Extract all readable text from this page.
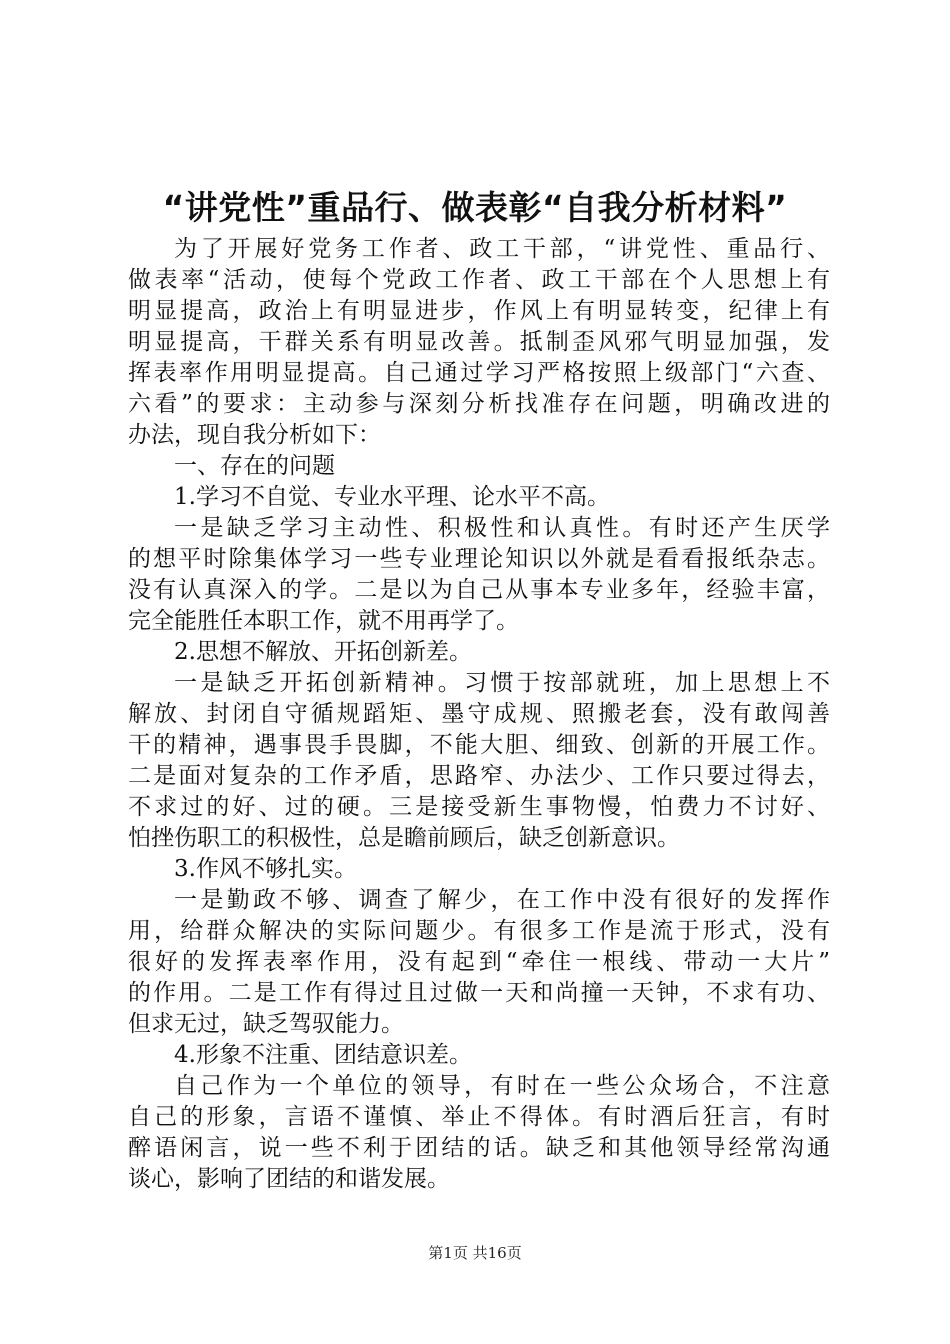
“讲党性”重品行、做表彰“自我分析材料”
为了开展好党务工作者、政工干部，“讲党性、重品行、
做表率“活动，使每个党政工作者、政工干部在个人思想上有
明显提高，政治上有明显进步，作风上有明显转变，纪律上有
明显提高，干群关系有明显改善。抵制歪风邪气明显加强，发
挥表率作用明显提高。自己通过学习严格按照上级部门“六查、
六看”的要求：主动参与深刻分析找准存在问题，明确改进的
办法，现自我分析如下：
一、存在的问题
1.学习不自觉、专业水平理、论水平不高。
一是缺乏学习主动性、积极性和认真性。有时还产生厌学
的想平时除集体学习一些专业理论知识以外就是看看报纸杂志。
没有认真深入的学。二是以为自己从事本专业多年，经验丰富，
完全能胜任本职工作，就不用再学了。
2.思想不解放、开拓创新差。
一是缺乏开拓创新精神。习惯于按部就班，加上思想上不
解放、封闭自守循规蹈矩、墨守成规、照搬老套，没有敢闯善
干的精神，遇事畏手畏脚，不能大胆、细致、创新的开展工作。
二是面对复杂的工作矛盾，思路窄、办法少、工作只要过得去，
不求过的好、过的硬。三是接受新生事物慢，怕费力不讨好、
怕挫伤职工的积极性，总是瞻前顾后，缺乏创新意识。
3.作风不够扎实。
一是勤政不够、调查了解少，在工作中没有很好的发挥作
用，给群众解决的实际问题少。有很多工作是流于形式，没有
很好的发挥表率作用，没有起到“牵住一根线、带动一大片”
的作用。二是工作有得过且过做一天和尚撞一天钟，不求有功、
但求无过，缺乏驾驭能力。
4.形象不注重、团结意识差。
自己作为一个单位的领导，有时在一些公众场合，不注意
自己的形象，言语不谨慎、举止不得体。有时酒后狂言，有时
醉语闲言，说一些不利于团结的话。缺乏和其他领导经常沟通
谈心，影响了团结的和谐发展。
第1页 共16页
